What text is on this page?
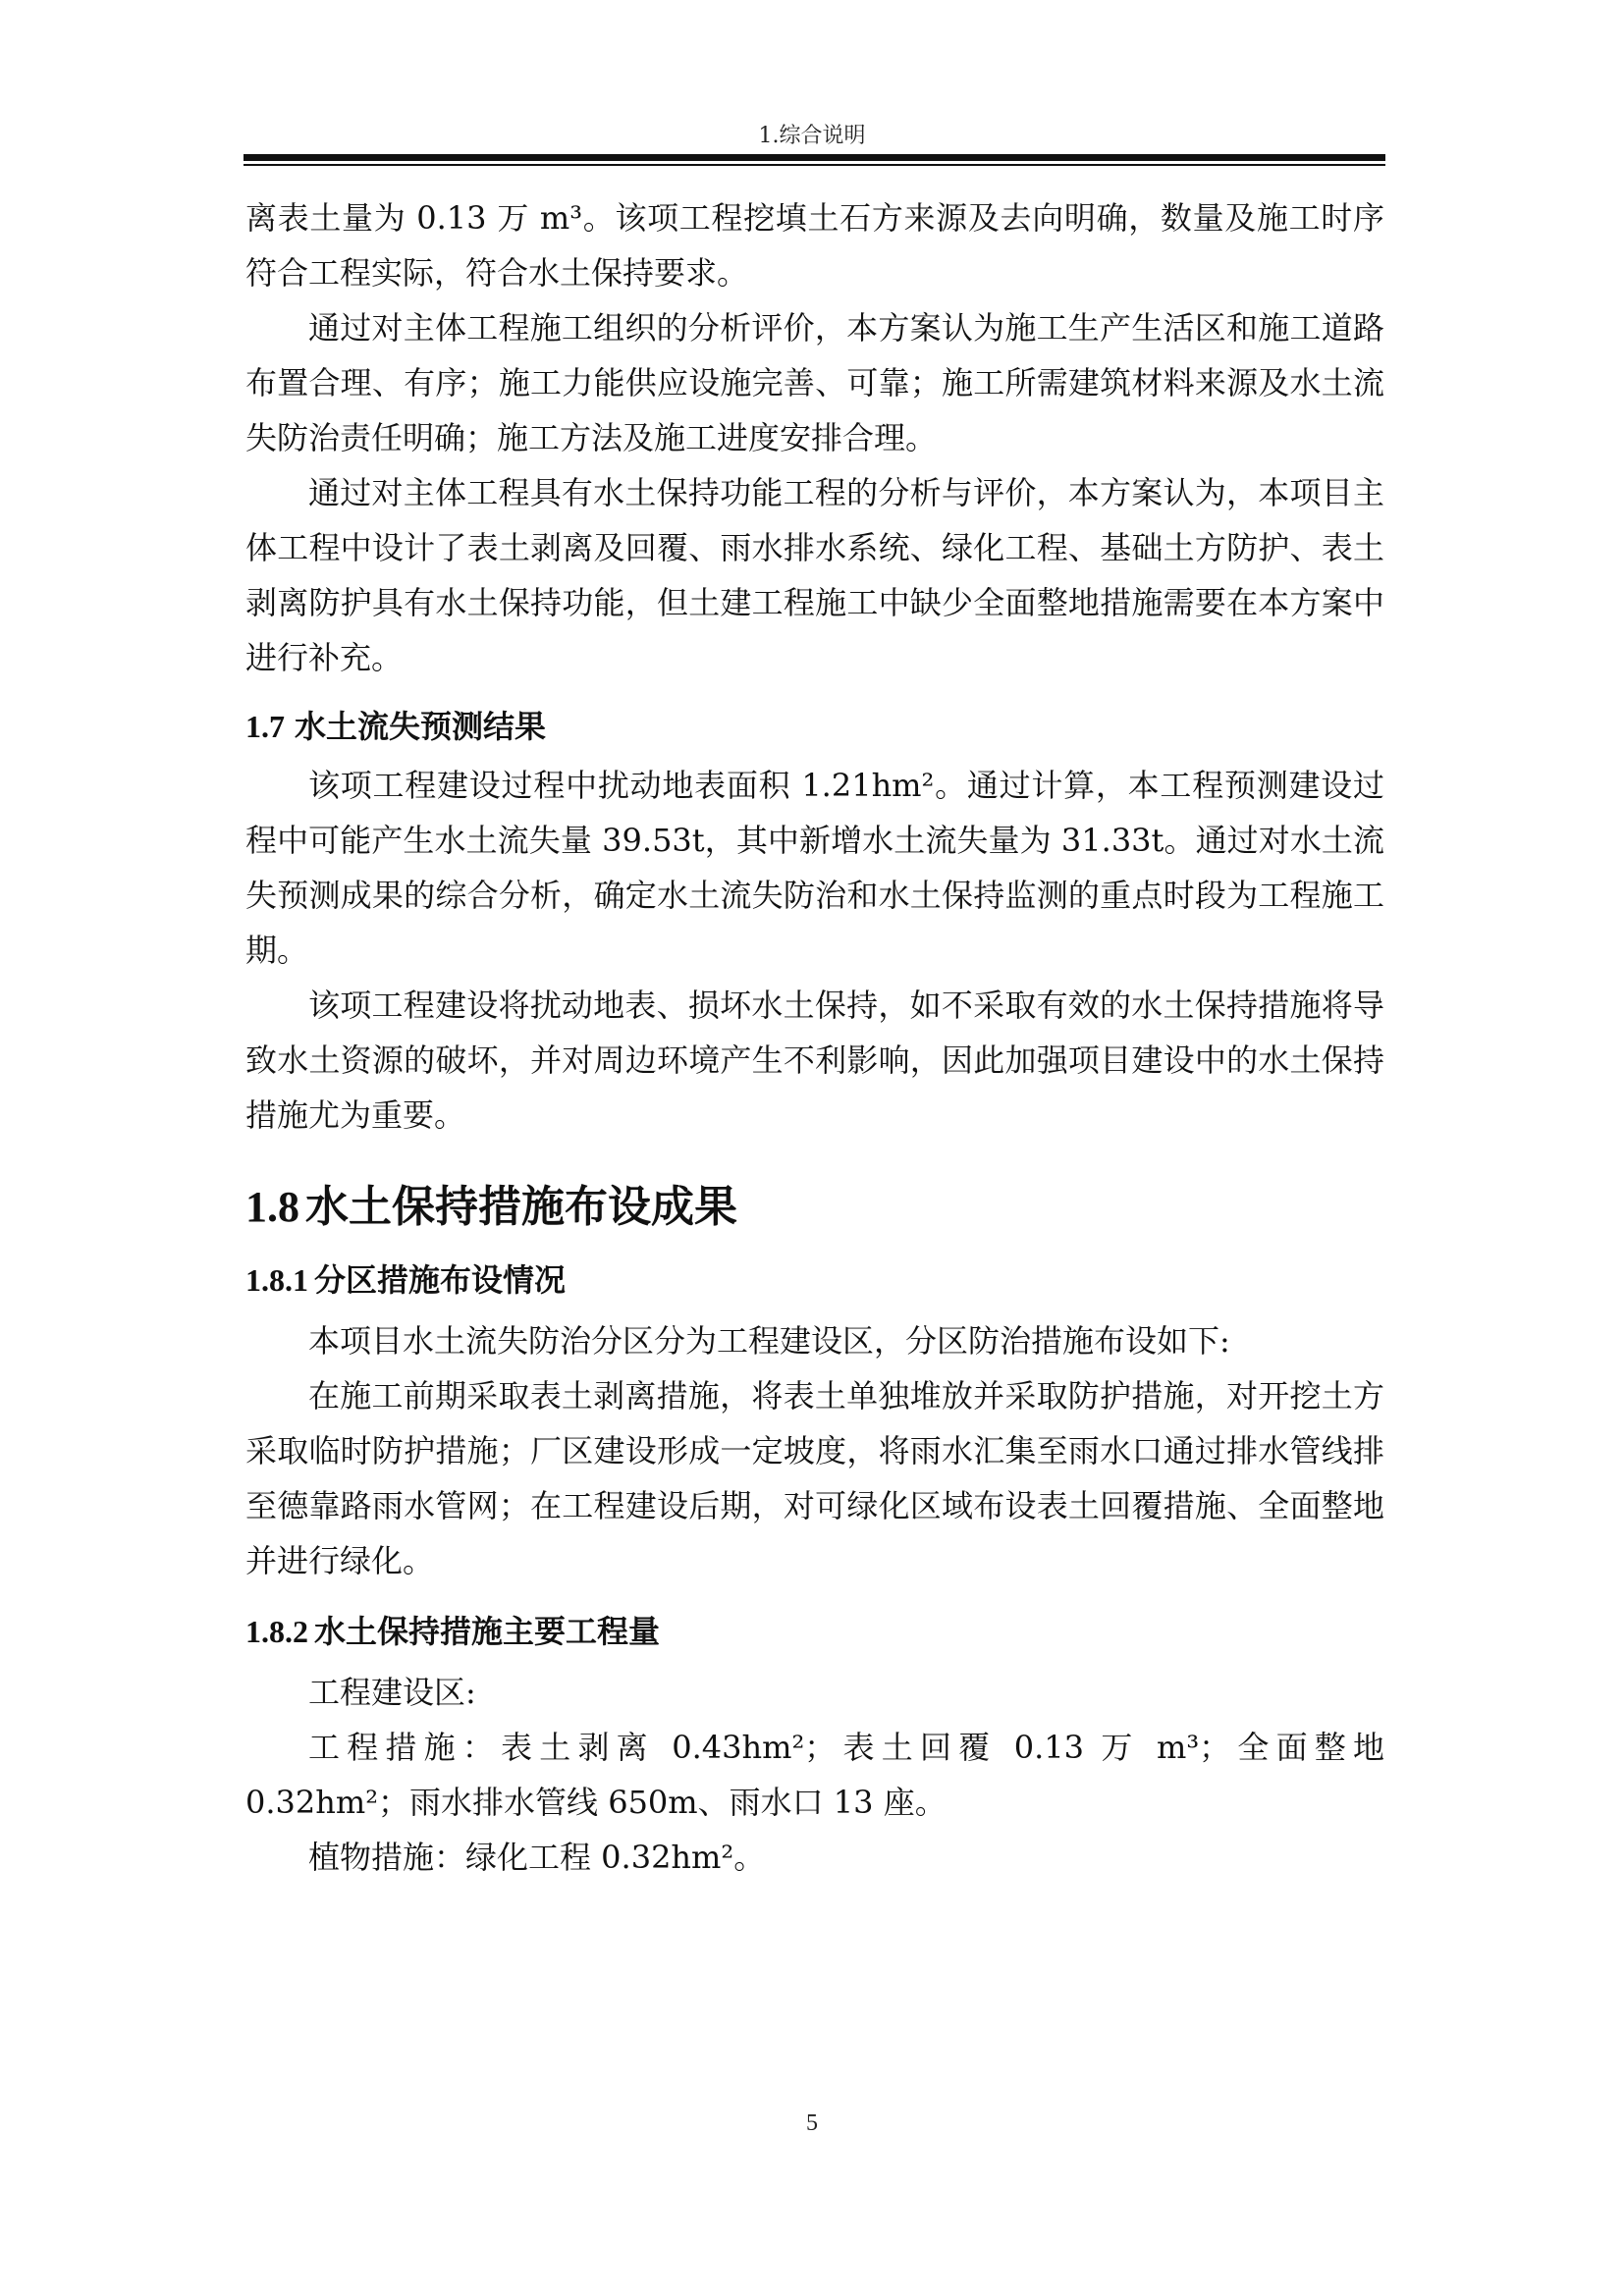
1.综合说明

离表土量为 0.13 万 m³。该项工程挖填土石方来源及去向明确，数量及施工时序符合工程实际，符合水土保持要求。

通过对主体工程施工组织的分析评价，本方案认为施工生产生活区和施工道路布置合理、有序；施工力能供应设施完善、可靠；施工所需建筑材料来源及水土流失防治责任明确；施工方法及施工进度安排合理。

通过对主体工程具有水土保持功能工程的分析与评价，本方案认为，本项目主体工程中设计了表土剥离及回覆、雨水排水系统、绿化工程、基础土方防护、表土剥离防护具有水土保持功能，但土建工程施工中缺少全面整地措施需要在本方案中进行补充。

1.7 水土流失预测结果

该项工程建设过程中扰动地表面积 1.21hm²。通过计算，本工程预测建设过程中可能产生水土流失量 39.53t，其中新增水土流失量为 31.33t。通过对水土流失预测成果的综合分析，确定水土流失防治和水土保持监测的重点时段为工程施工期。

该项工程建设将扰动地表、损坏水土保持，如不采取有效的水土保持措施将导致水土资源的破坏，并对周边环境产生不利影响，因此加强项目建设中的水土保持措施尤为重要。

1.8 水土保持措施布设成果
1.8.1 分区措施布设情况

本项目水土流失防治分区分为工程建设区，分区防治措施布设如下:

在施工前期采取表土剥离措施，将表土单独堆放并采取防护措施，对开挖土方采取临时防护措施；厂区建设形成一定坡度，将雨水汇集至雨水口通过排水管线排至德靠路雨水管网；在工程建设后期，对可绿化区域布设表土回覆措施、全面整地并进行绿化。

1.8.2 水土保持措施主要工程量

工程建设区:

工程措施：表土剥离 0.43hm²；表土回覆 0.13 万 m³；全面整地 0.32hm²；雨水排水管线 650m、雨水口 13 座。

植物措施：绿化工程 0.32hm²。

5
